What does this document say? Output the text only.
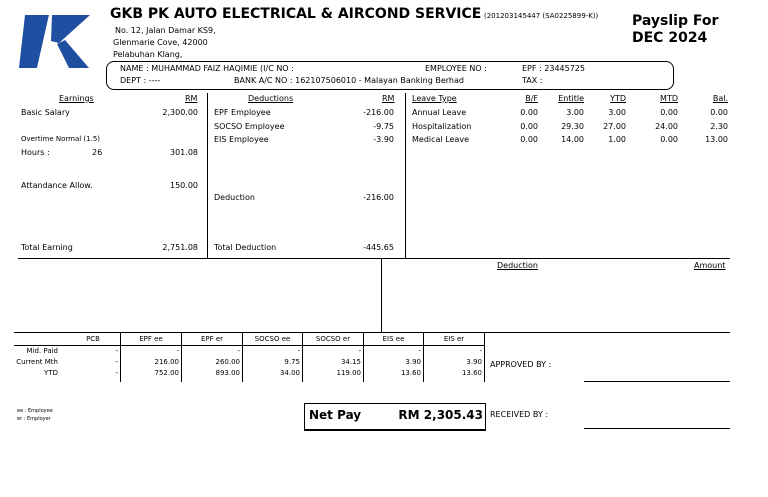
GKB PK AUTO ELECTRICAL & AIRCOND SERVICE (201203145447 (SA0225899-K))
No. 12, Jalan Damar KS9,
Glenmarie Cove, 42000
Pelabuhan Klang,
Payslip For
DEC 2024
NAME : MUHAMMAD FAIZ HAQIMIE (I/C NO :
DEPT : ----	BANK A/C NO : 162107506010 - Malayan Banking Berhad
EMPLOYEE NO :	EPF : 23445725
TAX :
Earnings	RM
Basic Salary	2,300.00
Overtime Normal (1.5)
Hours :	26	301.08
Attandance Allow.	150.00
Total Earning	2,751.08
Deductions	RM
EPF Employee	-216.00
SOCSO Employee	-9.75
EIS Employee	-3.90
Deduction	-216.00
Total Deduction	-445.65
Leave Type	B/F	Entitle	YTD	MTD	Bal.
Annual Leave	0.00	3.00	3.00	0.00	0.00
Hospitalization	0.00	29.30	27.00	24.00	2.30
Medical Leave	0.00	14.00	1.00	0.00	13.00
Deduction	Amount
PCB	EPF ee	EPF er	SOCSO ee	SOCSO er	EIS ee	EIS er
Mid. Paid	-	-	-	-	-	-	-
Current Mth	-	216.00	260.00	9.75	34.15	3.90	3.90
YTD	-	752.00	893.00	34.00	119.00	13.60	13.60
APPROVED BY :
ee : Employee
er : Employer	Net Pay	RM 2,305.43 RECEIVED BY :
